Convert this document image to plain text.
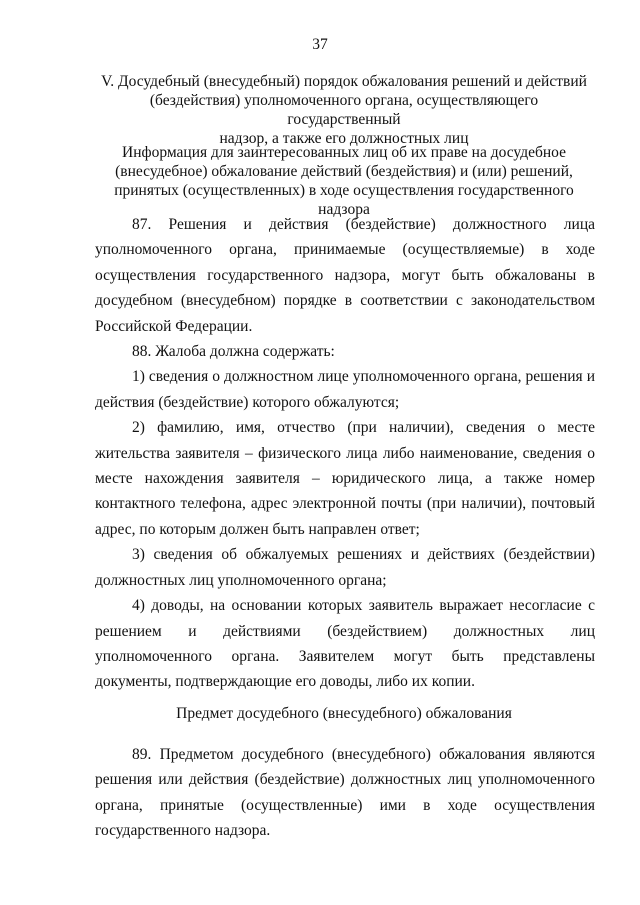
37
V. Досудебный (внесудебный) порядок обжалования решений и действий
(бездействия) уполномоченного органа, осуществляющего государственный
надзор, а также его должностных лиц
Информация для заинтересованных лиц об их праве на досудебное
(внесудебное) обжалование действий (бездействия) и (или) решений,
принятых (осуществленных) в ходе осуществления государственного надзора

87. Решения и действия (бездействие) должностного лица уполномоченного органа, принимаемые (осуществляемые) в ходе осуществления государственного надзора, могут быть обжалованы в досудебном (внесудебном) порядке в соответствии с законодательством Российской Федерации.

88. Жалоба должна содержать:

1) сведения о должностном лице уполномоченного органа, решения и действия (бездействие) которого обжалуются;

2) фамилию, имя, отчество (при наличии), сведения о месте жительства заявителя – физического лица либо наименование, сведения о месте нахождения заявителя – юридического лица, а также номер контактного телефона, адрес электронной почты (при наличии), почтовый адрес, по которым должен быть направлен ответ;

3) сведения об обжалуемых решениях и действиях (бездействии) должностных лиц уполномоченного органа;

4) доводы, на основании которых заявитель выражает несогласие с решением и действиями (бездействием) должностных лиц уполномоченного органа. Заявителем могут быть представлены документы, подтверждающие его доводы, либо их копии.

Предмет досудебного (внесудебного) обжалования

89. Предметом досудебного (внесудебного) обжалования являются решения или действия (бездействие) должностных лиц уполномоченного органа, принятые (осуществленные) ими в ходе осуществления государственного надзора.
